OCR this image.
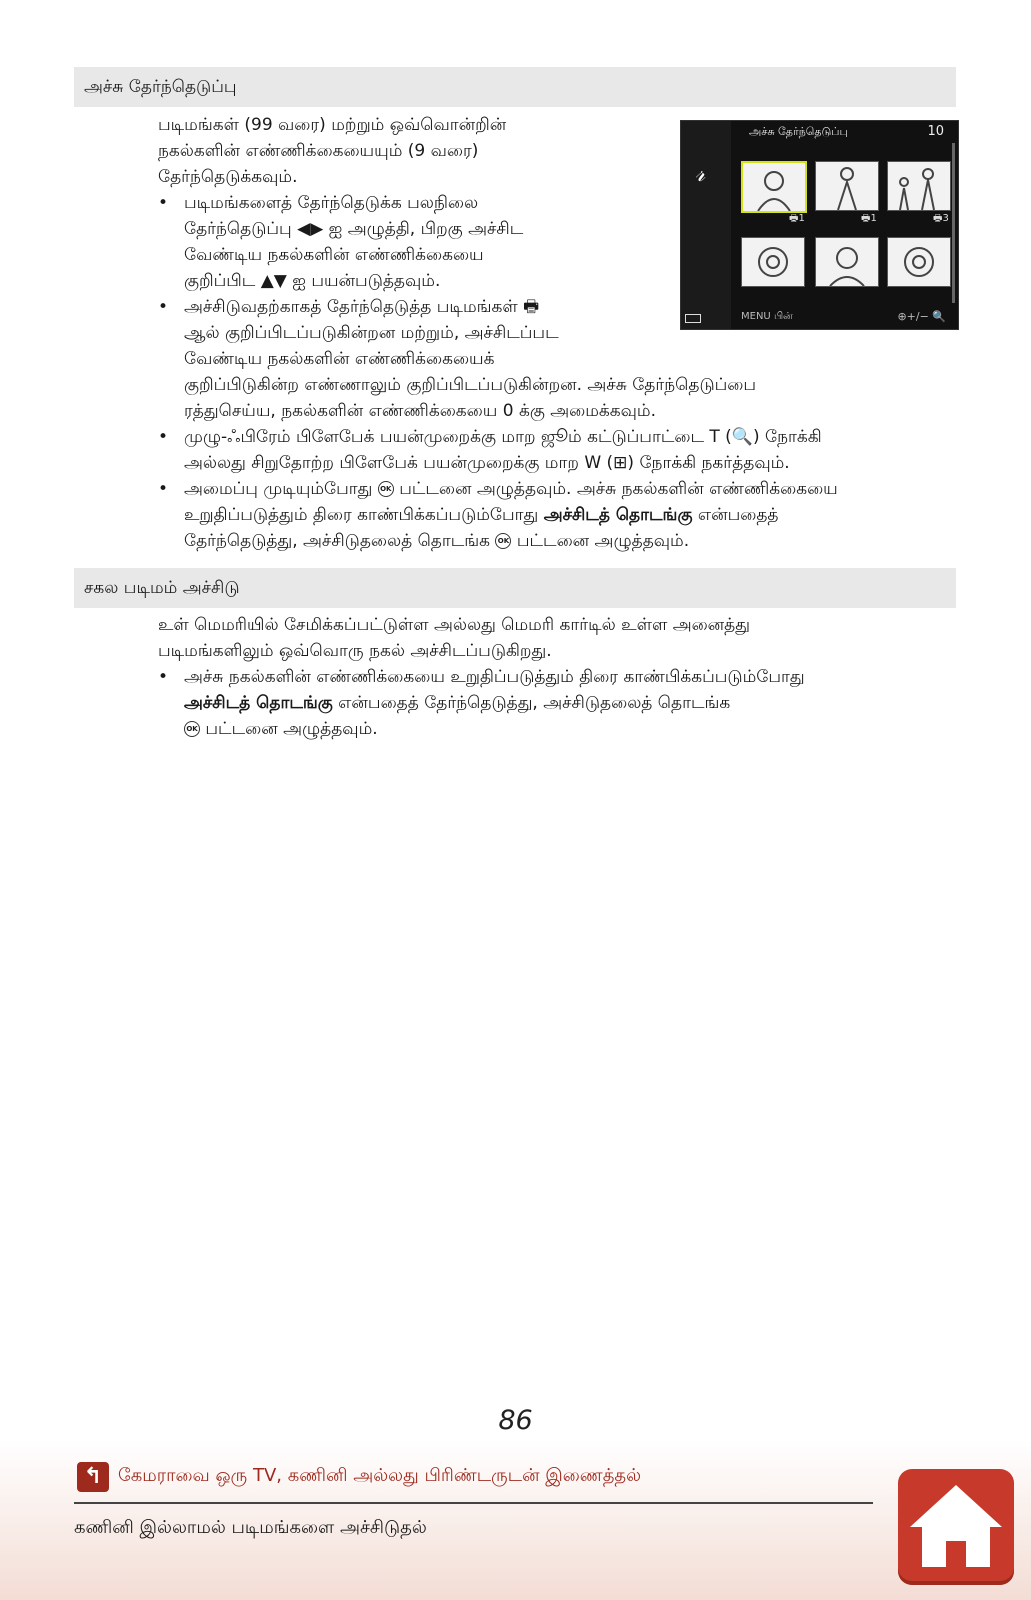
அச்சு தேர்ந்தெடுப்பு
படிமங்கள் (99 வரை) மற்றும் ஒவ்வொன்றின்
நகல்களின் எண்ணிக்கையையும் (9 வரை)
தேர்ந்தெடுக்கவும்.
• படிமங்களைத் தேர்ந்தெடுக்க பலநிலை
தேர்ந்தெடுப்பு ◀▶ ஐ அழுத்தி, பிறகு அச்சிட
வேண்டிய நகல்களின் எண்ணிக்கையை
குறிப்பிட ▲▼ ஐ பயன்படுத்தவும்.
• அச்சிடுவதற்காகத் தேர்ந்தெடுத்த படிமங்கள் 🖶
ஆல் குறிப்பிடப்படுகின்றன மற்றும், அச்சிடப்பட
வேண்டிய நகல்களின் எண்ணிக்கையைக்
குறிப்பிடுகின்ற எண்ணாலும் குறிப்பிடப்படுகின்றன. அச்சு தேர்ந்தெடுப்பை
ரத்துசெய்ய, நகல்களின் எண்ணிக்கையை 0 க்கு அமைக்கவும்.
• முழு-ஃபிரேம் பிளேபேக் பயன்முறைக்கு மாற ஜூம் கட்டுப்பாட்டை T (🔍) நோக்கி
அல்லது சிறுதோற்ற பிளேபேக் பயன்முறைக்கு மாற W (⊞) நோக்கி நகர்த்தவும்.
• அமைப்பு முடியும்போது OK பட்டனை அழுத்தவும். அச்சு நகல்களின் எண்ணிக்கையை
உறுதிப்படுத்தும் திரை காண்பிக்கப்படும்போது அச்சிடத் தொடங்கு என்பதைத்
தேர்ந்தெடுத்து, அச்சிடுதலைத் தொடங்க OK பட்டனை அழுத்தவும்.
𝓇
அச்சு தேர்ந்தெடுப்பு	10
🖶1	🖶1	🖶3
MENU பின்	⊕+/− 🔍
சகல படிமம் அச்சிடு
உள் மெமரியில் சேமிக்கப்பட்டுள்ள அல்லது மெமரி கார்டில் உள்ள அனைத்து
படிமங்களிலும் ஒவ்வொரு நகல் அச்சிடப்படுகிறது.
• அச்சு நகல்களின் எண்ணிக்கையை உறுதிப்படுத்தும் திரை காண்பிக்கப்படும்போது
அச்சிடத் தொடங்கு என்பதைத் தேர்ந்தெடுத்து, அச்சிடுதலைத் தொடங்க
OK பட்டனை அழுத்தவும்.
86
↰ கேமராவை ஒரு TV, கணினி அல்லது பிரிண்டருடன் இணைத்தல்
கணினி இல்லாமல் படிமங்களை அச்சிடுதல்
